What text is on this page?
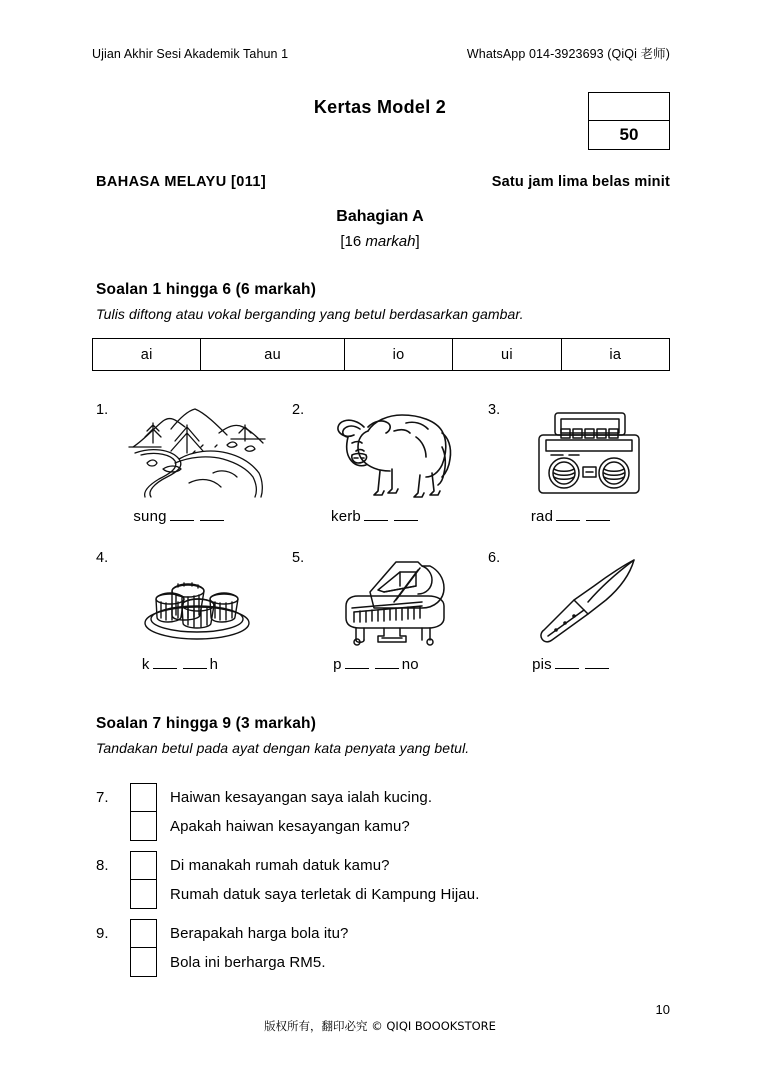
Ujian Akhir Sesi Akademik Tahun 1	WhatsApp 014-3923693 (QiQi 老师)
Kertas Model 2
50
BAHASA MELAYU [011]	Satu jam lima belas minit
Bahagian A
[16 markah]
Soalan 1 hingga 6 (6 markah)
Tulis diftong atau vokal berganding yang betul berdasarkan gambar.
ai	au	io	ui	ia
1.
sung
2.
kerb
3.
rad
4.
k	h
5.
p	no
6.
pis
Soalan 7 hingga 9 (3 markah)
Tandakan betul pada ayat dengan kata penyata yang betul.
7.	Haiwan kesayangan saya ialah kucing.
Apakah haiwan kesayangan kamu?
8.	Di manakah rumah datuk kamu?
Rumah datuk saya terletak di Kampung Hijau.
9.	Berapakah harga bola itu?
Bola ini berharga RM5.
10
版权所有，翻印必究 © QIQI BOOOKSTORE
